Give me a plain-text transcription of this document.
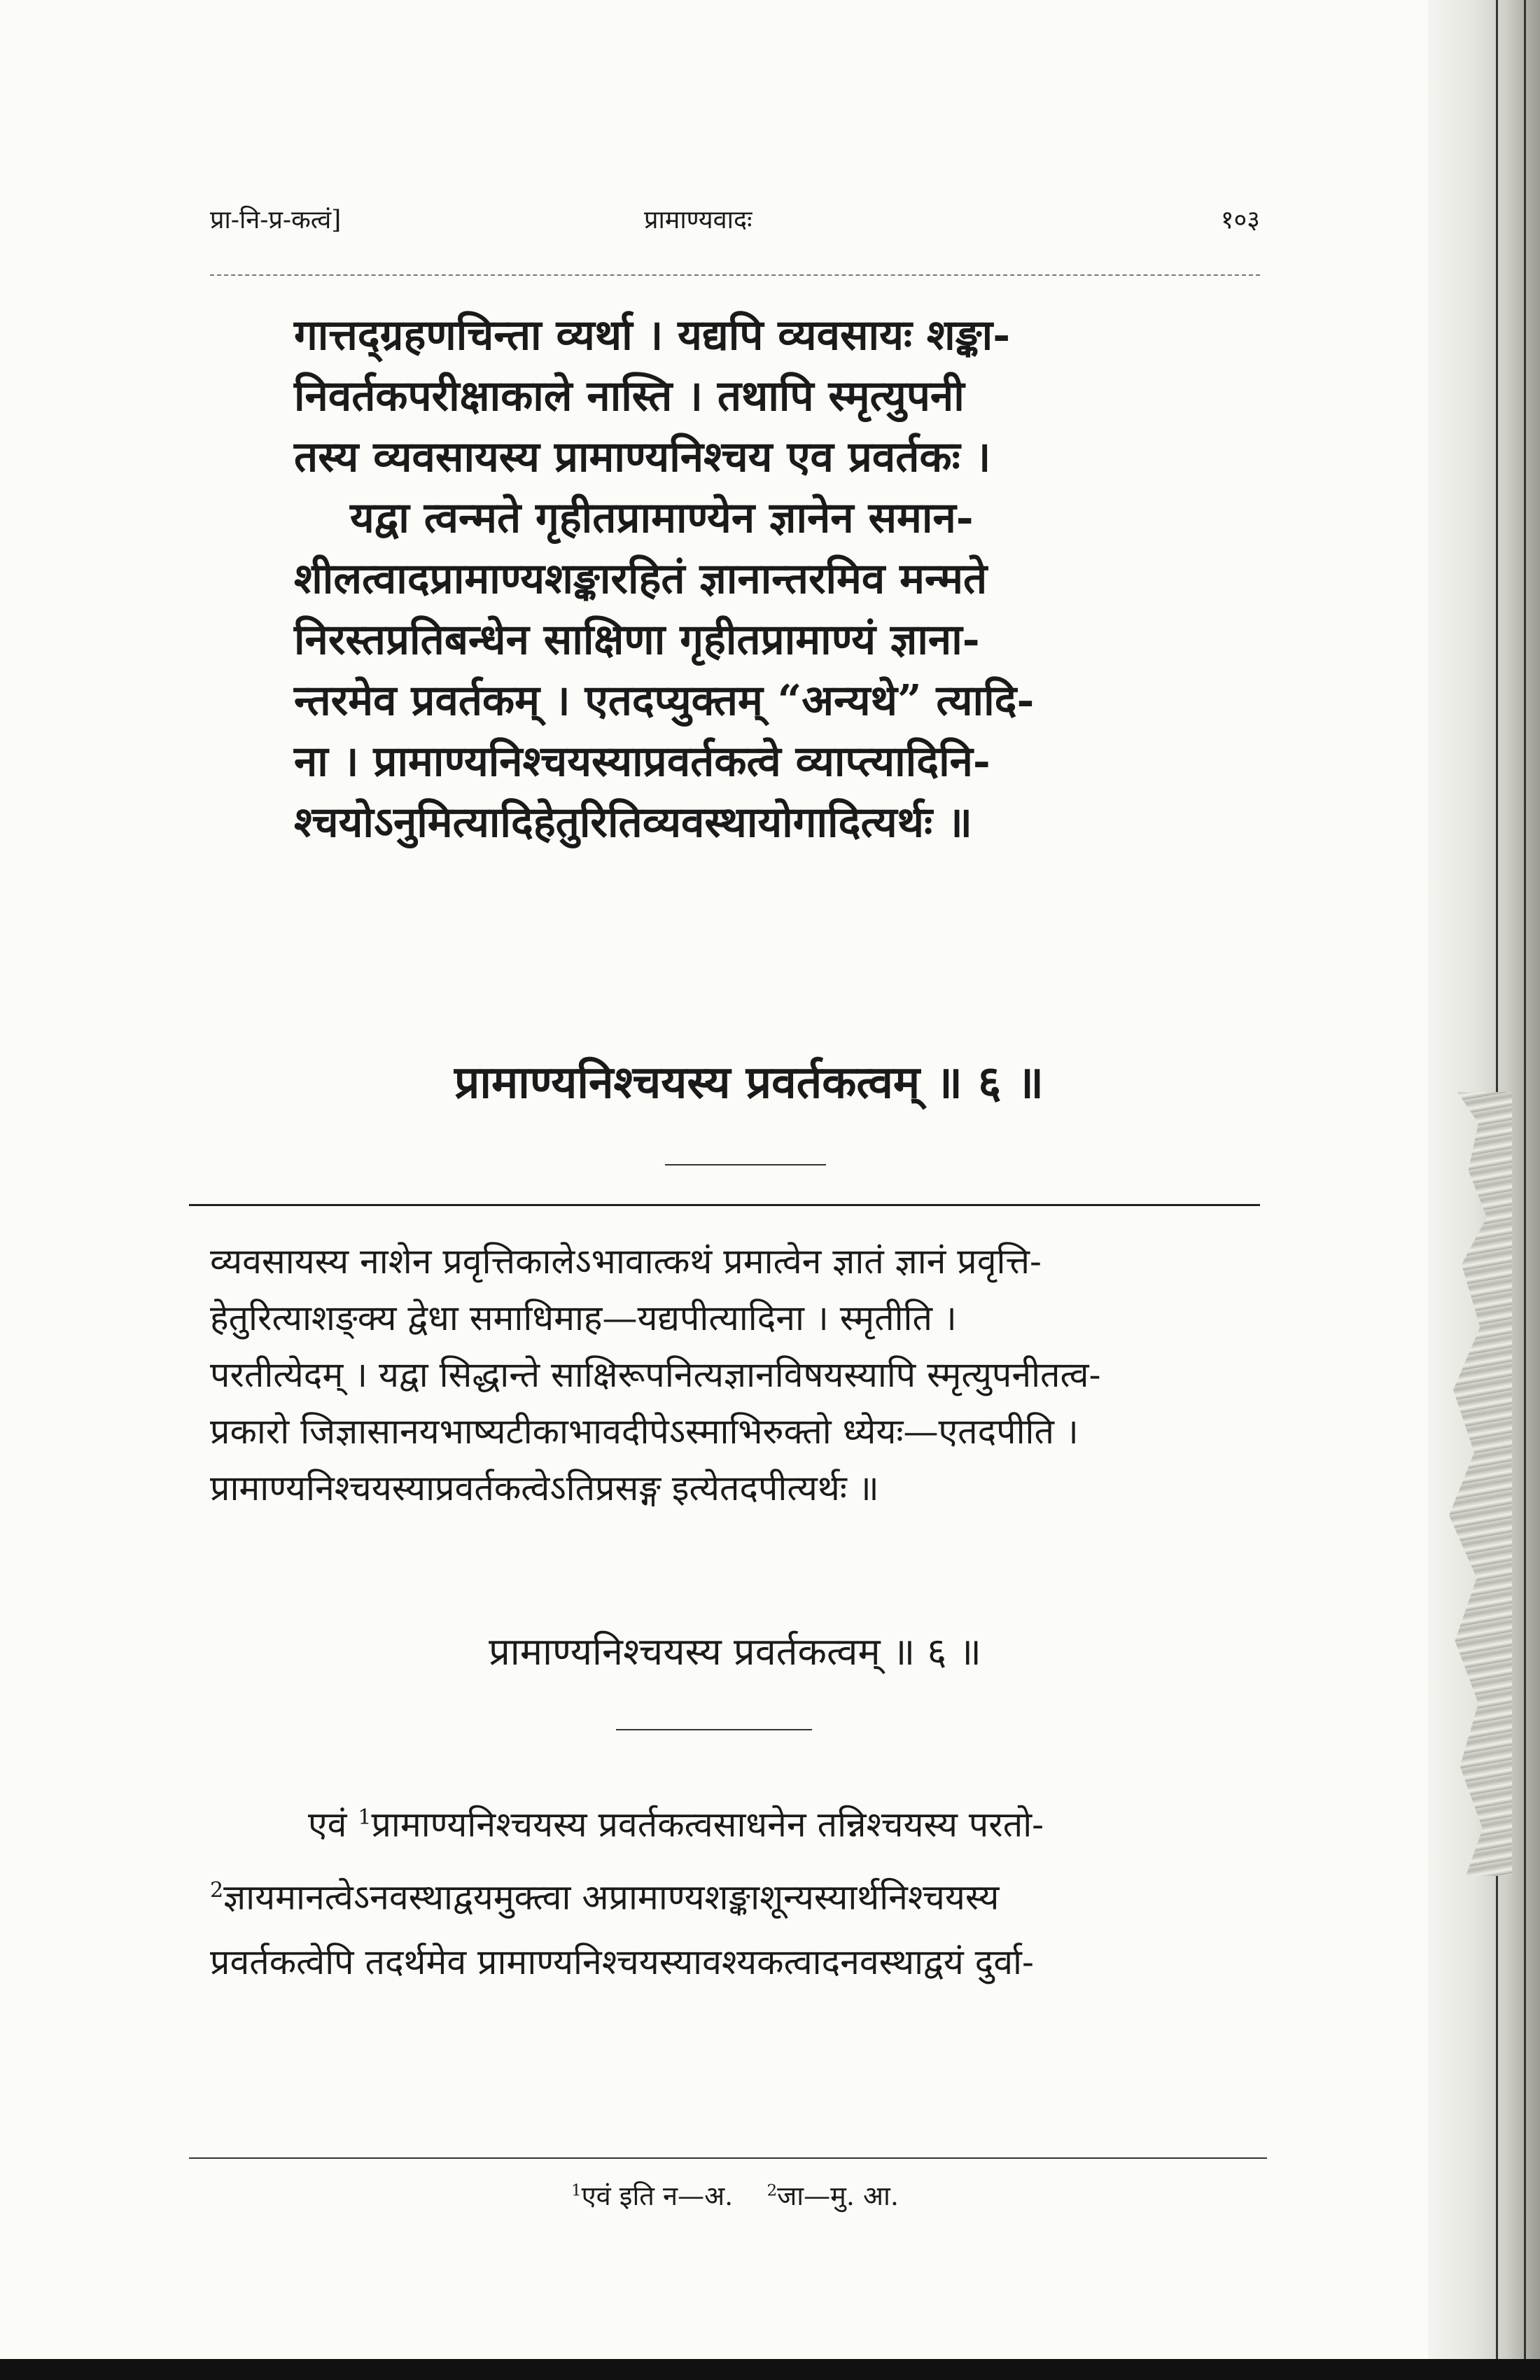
प्रा-नि-प्र-कत्वं]	प्रामाण्यवादः	१०३
गात्तद्ग्रहणचिन्ता व्यर्था । यद्यपि व्यवसायः शङ्का-
निवर्तकपरीक्षाकाले नास्ति । तथापि स्मृत्युपनी
तस्य व्यवसायस्य प्रामाण्यनिश्चय एव प्रवर्तकः ।
यद्वा त्वन्मते गृहीतप्रामाण्येन ज्ञानेन समान-
शीलत्वादप्रामाण्यशङ्कारहितं ज्ञानान्तरमिव मन्मते
निरस्तप्रतिबन्धेन साक्षिणा गृहीतप्रामाण्यं ज्ञाना-
न्तरमेव प्रवर्तकम् । एतदप्युक्तम् “अन्यथे” त्यादि-
ना । प्रामाण्यनिश्चयस्याप्रवर्तकत्वे व्याप्त्यादिनि-
श्चयोऽनुमित्यादिहेतुरितिव्यवस्थायोगादित्यर्थः ॥
प्रामाण्यनिश्चयस्य प्रवर्तकत्वम् ॥ ६ ॥
व्यवसायस्य नाशेन प्रवृत्तिकालेऽभावात्कथं प्रमात्वेन ज्ञातं ज्ञानं प्रवृत्ति-
हेतुरित्याशङ्क्य द्वेधा समाधिमाह—यद्यपीत्यादिना । स्मृतीति ।
परतीत्येदम् । यद्वा सिद्धान्ते साक्षिरूपनित्यज्ञानविषयस्यापि स्मृत्युपनीतत्व-
प्रकारो जिज्ञासानयभाष्यटीकाभावदीपेऽस्माभिरुक्तो ध्येयः—एतदपीति ।
प्रामाण्यनिश्चयस्याप्रवर्तकत्वेऽतिप्रसङ्ग इत्येतदपीत्यर्थः ॥
प्रामाण्यनिश्चयस्य प्रवर्तकत्वम् ॥ ६ ॥
एवं $^1$प्रामाण्यनिश्चयस्य प्रवर्तकत्वसाधनेन तन्निश्चयस्य परतो-
$^2$ज्ञायमानत्वेऽनवस्थाद्वयमुक्त्वा अप्रामाण्यशङ्काशून्यस्यार्थनिश्चयस्य
प्रवर्तकत्वेपि तदर्थमेव प्रामाण्यनिश्चयस्यावश्यकत्वादनवस्थाद्वयं दुर्वा-
$^1$एवं इति न—अ. $^2$जा—मु. आ.
